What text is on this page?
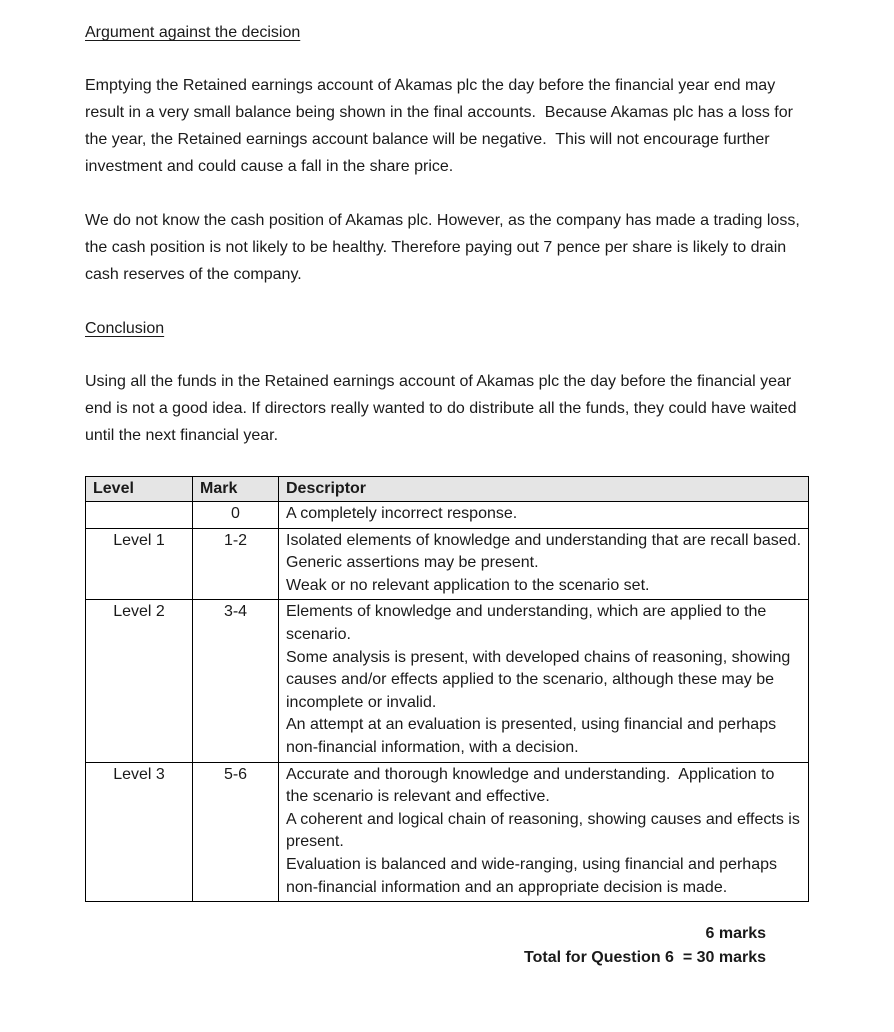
Argument against the decision

Emptying the Retained earnings account of Akamas plc the day before the financial year end may result in a very small balance being shown in the final accounts.  Because Akamas plc has a loss for the year, the Retained earnings account balance will be negative.  This will not encourage further investment and could cause a fall in the share price.

We do not know the cash position of Akamas plc. However, as the company has made a trading loss, the cash position is not likely to be healthy. Therefore paying out 7 pence per share is likely to drain cash reserves of the company.

Conclusion

Using all the funds in the Retained earnings account of Akamas plc the day before the financial year end is not a good idea. If directors really wanted to do distribute all the funds, they could have waited until the next financial year.

Level	Mark	Descriptor
	0	A completely incorrect response.

Level 1	1-2	Isolated elements of knowledge and understanding that are recall based.
Generic assertions may be present.
Weak or no relevant application to the scenario set.

Level 2	3-4	Elements of knowledge and understanding, which are applied to the scenario.
Some analysis is present, with developed chains of reasoning, showing causes and/or effects applied to the scenario, although these may be incomplete or invalid.
An attempt at an evaluation is presented, using financial and perhaps non-financial information, with a decision.

Level 3	5-6	Accurate and thorough knowledge and understanding.  Application to the scenario is relevant and effective.
A coherent and logical chain of reasoning, showing causes and effects is present.
Evaluation is balanced and wide-ranging, using financial and perhaps non-financial information and an appropriate decision is made.
6 marks
Total for Question 6  = 30 marks
